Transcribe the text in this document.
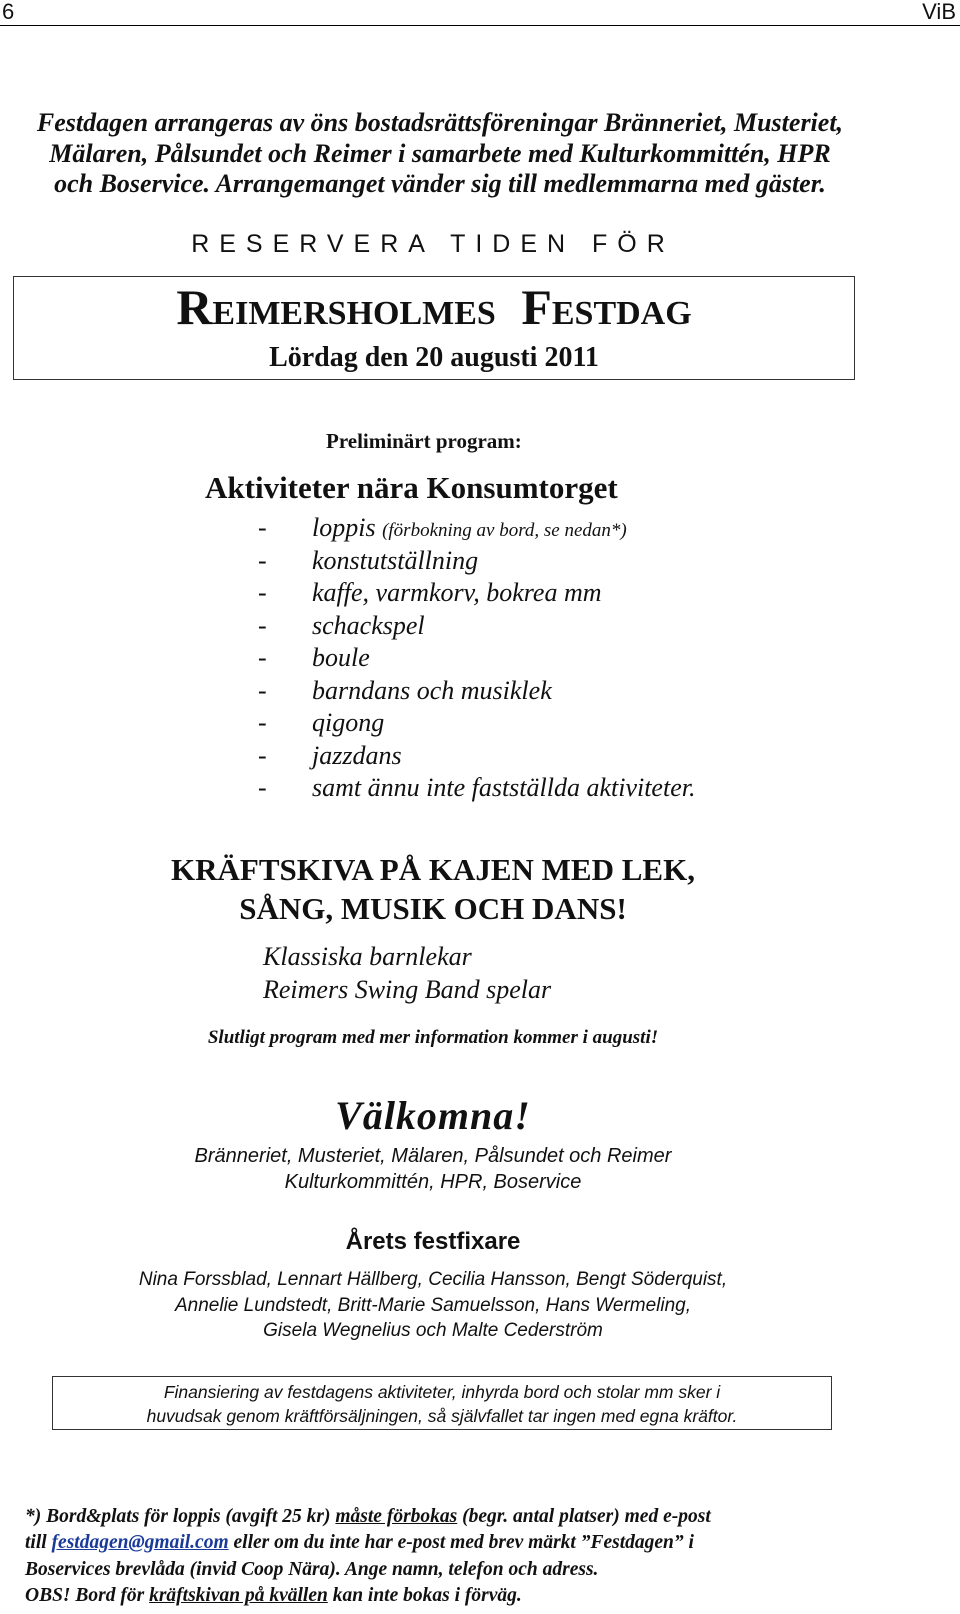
6	ViB
Festdagen arrangeras av öns bostadsrättsföreningar Bränneriet, Musteriet,
Mälaren, Pålsundet och Reimer i samarbete med Kulturkommittén, HPR
och Boservice. Arrangemanget vänder sig till medlemmarna med gäster.
RESERVERA TIDEN FÖR
REIMERSHOLMES FESTDAG
Lördag den 20 augusti 2011
Preliminärt program:
Aktiviteter nära Konsumtorget
-	loppis
(förbokning av bord, se nedan*)
-	konstutställning
-	kaffe, varmkorv, bokrea mm
-	schackspel
-	boule
-	barndans och musiklek
-	qigong
-	jazzdans
-	samt ännu inte fastställda aktiviteter.
KRÄFTSKIVA PÅ KAJEN MED LEK,
SÅNG, MUSIK OCH DANS!
Klassiska barnlekar
Reimers Swing Band spelar
Slutligt program med mer information kommer i augusti!
Välkomna!
Bränneriet, Musteriet, Mälaren, Pålsundet och Reimer
Kulturkommittén, HPR, Boservice
Årets festfixare
Nina Forssblad, Lennart Hällberg, Cecilia Hansson, Bengt Söderquist,
Annelie Lundstedt, Britt-Marie Samuelsson, Hans Wermeling,
Gisela Wegnelius och Malte Cederström
Finansiering av festdagens aktiviteter, inhyrda bord och stolar mm sker i
huvudsak genom kräftförsäljningen, så självfallet tar ingen med egna kräftor.
*) Bord&plats för loppis (avgift 25 kr) måste förbokas (begr. antal platser) med e-post
till festdagen@gmail.com eller om du inte har e-post med brev märkt ”Festdagen” i
Boservices brevlåda (invid Coop Nära). Ange namn, telefon och adress.
OBS! Bord för kräftskivan på kvällen kan inte bokas i förväg.
